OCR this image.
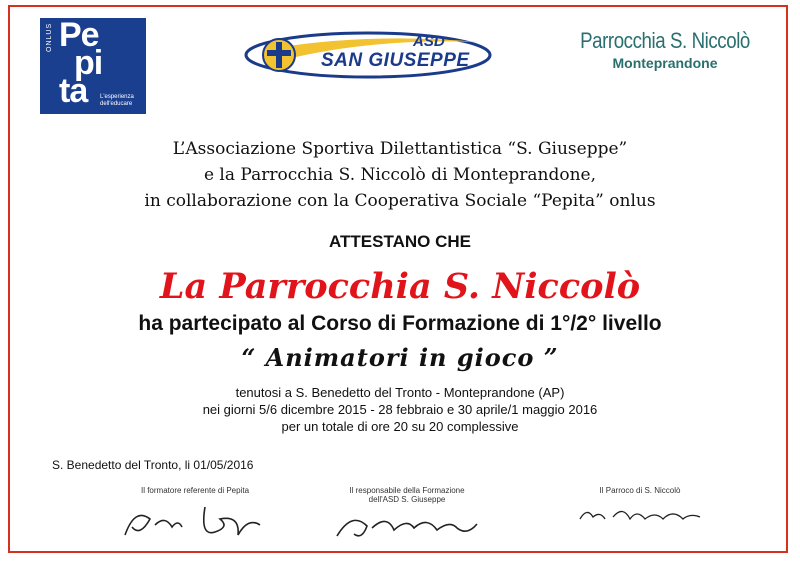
ONLUS Pe
pi
ta L'esperienza dell'educare
ASD
SAN GIUSEPPE
Parrocchia S. Niccolò
Monteprandone
L’Associazione Sportiva Dilettantistica “S. Giuseppe”
e la Parrocchia S. Niccolò di Monteprandone,
in collaborazione con la Cooperativa Sociale “Pepita” onlus
ATTESTANO CHE
La Parrocchia S. Niccolò
ha partecipato al Corso di Formazione di 1°/2° livello
“ Animatori in gioco ”
tenutosi a S. Benedetto del Tronto - Monteprandone (AP)
nei giorni 5/6 dicembre 2015 - 28 febbraio e 30 aprile/1 maggio 2016
per un totale di ore 20 su 20 complessive
S. Benedetto del Tronto, li 01/05/2016
Il formatore referente di Pepita	Il responsabile della Formazione
dell'ASD S. Giuseppe
Il Parroco di S. Niccolò
